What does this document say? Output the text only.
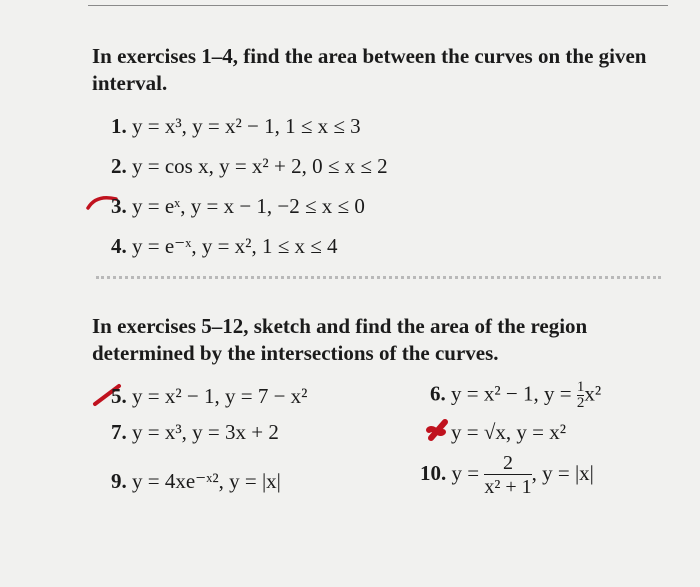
In exercises 1–4, find the area between the curves on the given interval.

1. y = x³, y = x² − 1, 1 ≤ x ≤ 3
2. y = cos x, y = x² + 2, 0 ≤ x ≤ 2
3. y = eˣ, y = x − 1, −2 ≤ x ≤ 0
4. y = e⁻ˣ, y = x², 1 ≤ x ≤ 4

In exercises 5–12, sketch and find the area of the region determined by the intersections of the curves.

5. y = x² − 1, y = 7 − x²	6. y = x² − 1, $y = \frac{1}{2} x^2$
7. y = x³, y = 3x + 2	y = √x, y = x²
9. y = 4xe⁻ˣ², y = |x|	10. $y = \frac{2}{\text{x² + 1}}$ , y = |x|
